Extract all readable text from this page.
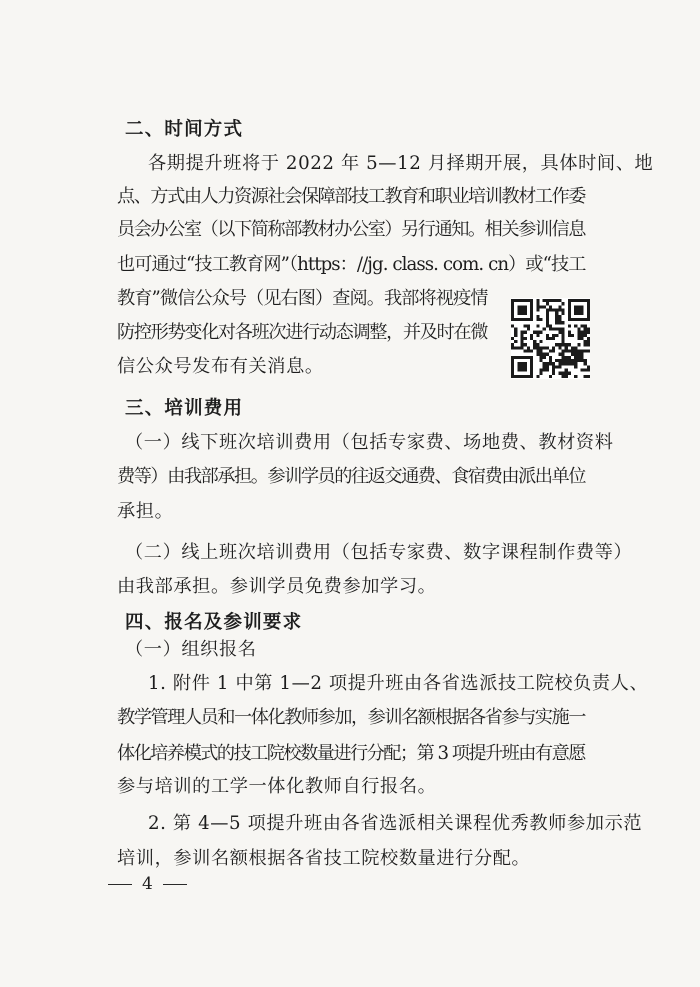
二、时间方式
各期提升班将于 2022 年 5—12 月择期开展，具体时间、地
点、方式由人力资源社会保障部技工教育和职业培训教材工作委
员会办公室（以下简称部教材办公室）另行通知。相关参训信息
也可通过“技工教育网”（https：//jg. class. com. cn）或“技工
教育”微信公众号（见右图）查阅。我部将视疫情
防控形势变化对各班次进行动态调整，并及时在微
信公众号发布有关消息。
三、培训费用
（一）线下班次培训费用（包括专家费、场地费、教材资料
费等）由我部承担。参训学员的往返交通费、食宿费由派出单位
承担。
（二）线上班次培训费用（包括专家费、数字课程制作费等）
由我部承担。参训学员免费参加学习。
四、报名及参训要求
（一）组织报名
1. 附件 1 中第 1—2 项提升班由各省选派技工院校负责人、
教学管理人员和一体化教师参加，参训名额根据各省参与实施一
体化培养模式的技工院校数量进行分配；第 3 项提升班由有意愿
参与培训的工学一体化教师自行报名。
2. 第 4—5 项提升班由各省选派相关课程优秀教师参加示范
培训，参训名额根据各省技工院校数量进行分配。
4
